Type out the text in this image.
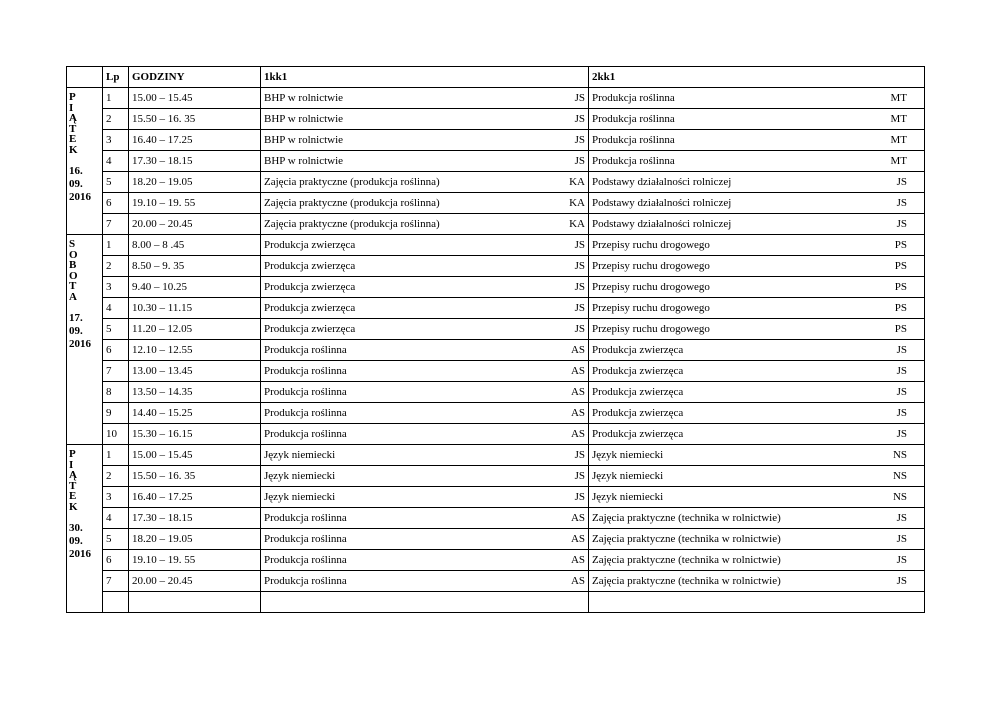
	Lp	GODZINY	1kk1	2kk1

PIĄTEK
16.
09.
2016	1	15.00 – 15.45	BHP w rolnictwie JS	Produkcja roślinna MT

	2	15.50 – 16. 35	BHP w rolnictwie JS	Produkcja roślinna MT

	3	16.40 – 17.25	BHP w rolnictwie JS	Produkcja roślinna MT

	4	17.30 – 18.15	BHP w rolnictwie JS	Produkcja roślinna MT

	5	18.20 – 19.05	Zajęcia praktyczne (produkcja roślinna) KA	Podstawy działalności rolniczej JS

	6	19.10 – 19. 55	Zajęcia praktyczne (produkcja roślinna) KA	Podstawy działalności rolniczej JS

	7	20.00 – 20.45	Zajęcia praktyczne (produkcja roślinna) KA	Podstawy działalności rolniczej JS

SOBOTA
17.
09.
2016	1	8.00 – 8 .45	Produkcja zwierzęca JS	Przepisy ruchu drogowego PS

	2	8.50 – 9. 35	Produkcja zwierzęca JS	Przepisy ruchu drogowego PS

	3	9.40 – 10.25	Produkcja zwierzęca JS	Przepisy ruchu drogowego PS

	4	10.30 – 11.15	Produkcja zwierzęca JS	Przepisy ruchu drogowego PS

	5	11.20 – 12.05	Produkcja zwierzęca JS	Przepisy ruchu drogowego PS

	6	12.10 – 12.55	Produkcja roślinna AS	Produkcja zwierzęca JS

	7	13.00 – 13.45	Produkcja roślinna AS	Produkcja zwierzęca JS

	8	13.50 – 14.35	Produkcja roślinna AS	Produkcja zwierzęca JS

	9	14.40 – 15.25	Produkcja roślinna AS	Produkcja zwierzęca JS

	10	15.30 – 16.15	Produkcja roślinna AS	Produkcja zwierzęca JS

PIĄTEK
30.
09.
2016	1	15.00 – 15.45	Język niemiecki JS	Język niemiecki NS

	2	15.50 – 16. 35	Język niemiecki JS	Język niemiecki NS

	3	16.40 – 17.25	Język niemiecki JS	Język niemiecki NS

	4	17.30 – 18.15	Produkcja roślinna AS	Zajęcia praktyczne (technika w rolnictwie) JS

	5	18.20 – 19.05	Produkcja roślinna AS	Zajęcia praktyczne (technika w rolnictwie) JS

	6	19.10 – 19. 55	Produkcja roślinna AS	Zajęcia praktyczne (technika w rolnictwie) JS

	7	20.00 – 20.45	Produkcja roślinna AS	Zajęcia praktyczne (technika w rolnictwie) JS
